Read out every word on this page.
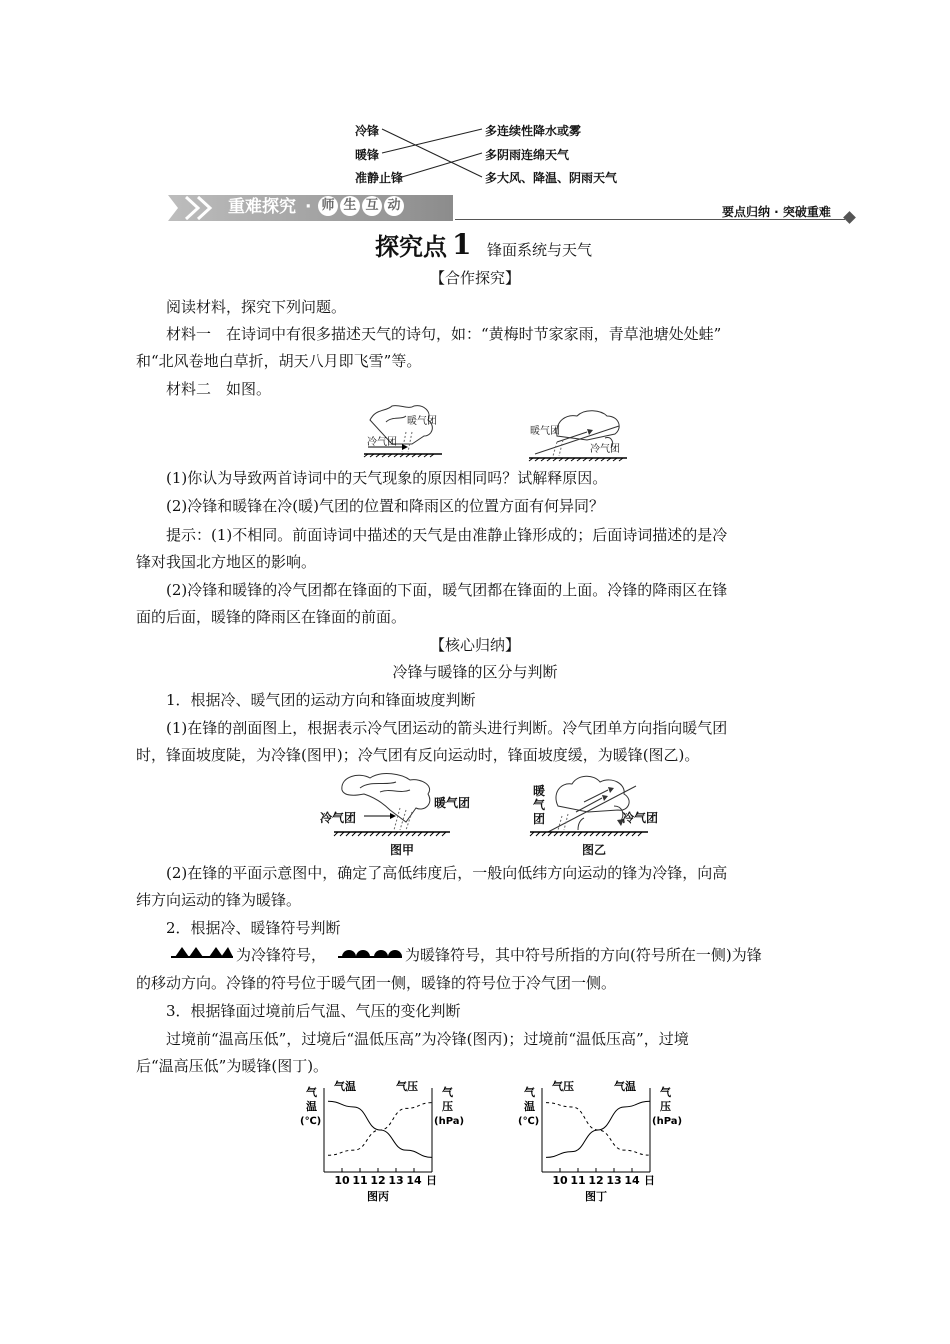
冷锋
暖锋
准静止锋
多连续性降水或雾
多阴雨连绵天气
多大风、降温、阴雨天气
重难探究 · 师 生 互 动	要点归纳 · 突破重难
探究点 1 锋面系统与天气
【合作探究】
阅读材料，探究下列问题。
材料一　在诗词中有很多描述天气的诗句，如：“黄梅时节家家雨，青草池塘处处蛙”
和“北风卷地白草折，胡天八月即飞雪”等。
材料二　如图。
暖气团
冷气团
暖气团
冷气团
(1)你认为导致两首诗词中的天气现象的原因相同吗？试解释原因。
(2)冷锋和暖锋在冷(暖)气团的位置和降雨区的位置方面有何异同？
提示：(1)不相同。前面诗词中描述的天气是由准静止锋形成的；后面诗词描述的是冷
锋对我国北方地区的影响。
(2)冷锋和暖锋的冷气团都在锋面的下面，暖气团都在锋面的上面。冷锋的降雨区在锋
面的后面，暖锋的降雨区在锋面的前面。
【核心归纳】
冷锋与暖锋的区分与判断
1．根据冷、暖气团的运动方向和锋面坡度判断
(1)在锋的剖面图上，根据表示冷气团运动的箭头进行判断。冷气团单方向指向暖气团
时，锋面坡度陡，为冷锋(图甲)；冷气团有反向运动时，锋面坡度缓，为暖锋(图乙)。
暖气团
冷气团
图甲
暖
气
团	冷气团
图乙
(2)在锋的平面示意图中，确定了高低纬度后，一般向低纬方向运动的锋为冷锋，向高
纬方向运动的锋为暖锋。
2．根据冷、暖锋符号判断
为冷锋符号，	为暖锋符号，其中符号所指的方向(符号所在一侧)为锋
的移动方向。冷锋的符号位于暖气团一侧，暖锋的符号位于冷气团一侧。
3．根据锋面过境前后气温、气压的变化判断
过境前“温高压低”，过境后“温低压高”为冷锋(图丙)；过境前“温低压高”，过境
后“温高压低”为暖锋(图丁)。
10 11 12 13 14 日
气
温
(℃)
气
压
(hPa)
气温	气压
图丙
10 11 12 13 14 日
气
温
(℃)
气
压
(hPa)
气压	气温
图丁
